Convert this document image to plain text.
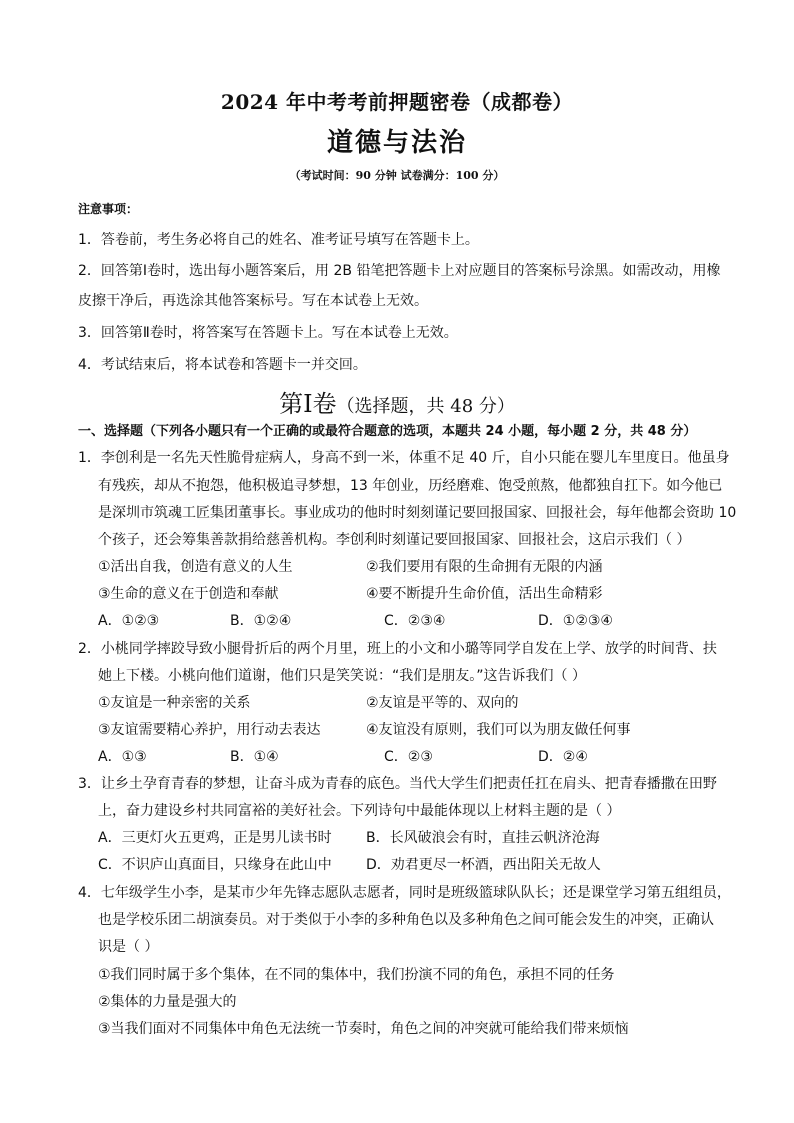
2024 年中考考前押题密卷（成都卷）
道德与法治
（考试时间：90 分钟 试卷满分：100 分）
注意事项：
1．答卷前，考生务必将自己的姓名、准考证号填写在答题卡上。
2．回答第Ⅰ卷时，选出每小题答案后，用 2B 铅笔把答题卡上对应题目的答案标号涂黑。如需改动，用橡
皮擦干净后，再选涂其他答案标号。写在本试卷上无效。
3．回答第Ⅱ卷时，将答案写在答题卡上。写在本试卷上无效。
4．考试结束后，将本试卷和答题卡一并交回。
第Ⅰ卷（选择题，共 48 分）
一、选择题（下列各小题只有一个正确的或最符合题意的选项，本题共 24 小题，每小题 2 分，共 48 分）
1．李创利是一名先天性脆骨症病人，身高不到一米，体重不足 40 斤，自小只能在婴儿车里度日。他虽身
有残疾，却从不抱怨，他积极追寻梦想，13 年创业，历经磨难、饱受煎熬，他都独自扛下。如今他已
是深圳市筑魂工匠集团董事长。事业成功的他时时刻刻谨记要回报国家、回报社会，每年他都会资助 10
个孩子，还会筹集善款捐给慈善机构。李创利时刻谨记要回报国家、回报社会，这启示我们（ ）
①活出自我，创造有意义的人生	②我们要用有限的生命拥有无限的内涵
③生命的意义在于创造和奉献	④要不断提升生命价值，活出生命精彩
A．①②③	B．①②④	C．②③④	D．①②③④
2．小桃同学摔跤导致小腿骨折后的两个月里，班上的小文和小璐等同学自发在上学、放学的时间背、扶
她上下楼。小桃向他们道谢，他们只是笑笑说：“我们是朋友。”这告诉我们（ ）
①友谊是一种亲密的关系	②友谊是平等的、双向的
③友谊需要精心养护，用行动去表达	④友谊没有原则，我们可以为朋友做任何事
A．①③	B．①④	C．②③	D．②④
3．让乡土孕育青春的梦想，让奋斗成为青春的底色。当代大学生们把责任扛在肩头、把青春播撒在田野
上，奋力建设乡村共同富裕的美好社会。下列诗句中最能体现以上材料主题的是（ ）
A．三更灯火五更鸡，正是男儿读书时 B．长风破浪会有时，直挂云帆济沧海
C．不识庐山真面目，只缘身在此山中 D．劝君更尽一杯酒，西出阳关无故人
4．七年级学生小李，是某市少年先锋志愿队志愿者，同时是班级篮球队队长；还是课堂学习第五组组员，
也是学校乐团二胡演奏员。对于类似于小李的多种角色以及多种角色之间可能会发生的冲突，正确认
识是（ ）
①我们同时属于多个集体，在不同的集体中，我们扮演不同的角色，承担不同的任务
②集体的力量是强大的
③当我们面对不同集体中角色无法统一节奏时，角色之间的冲突就可能给我们带来烦恼
